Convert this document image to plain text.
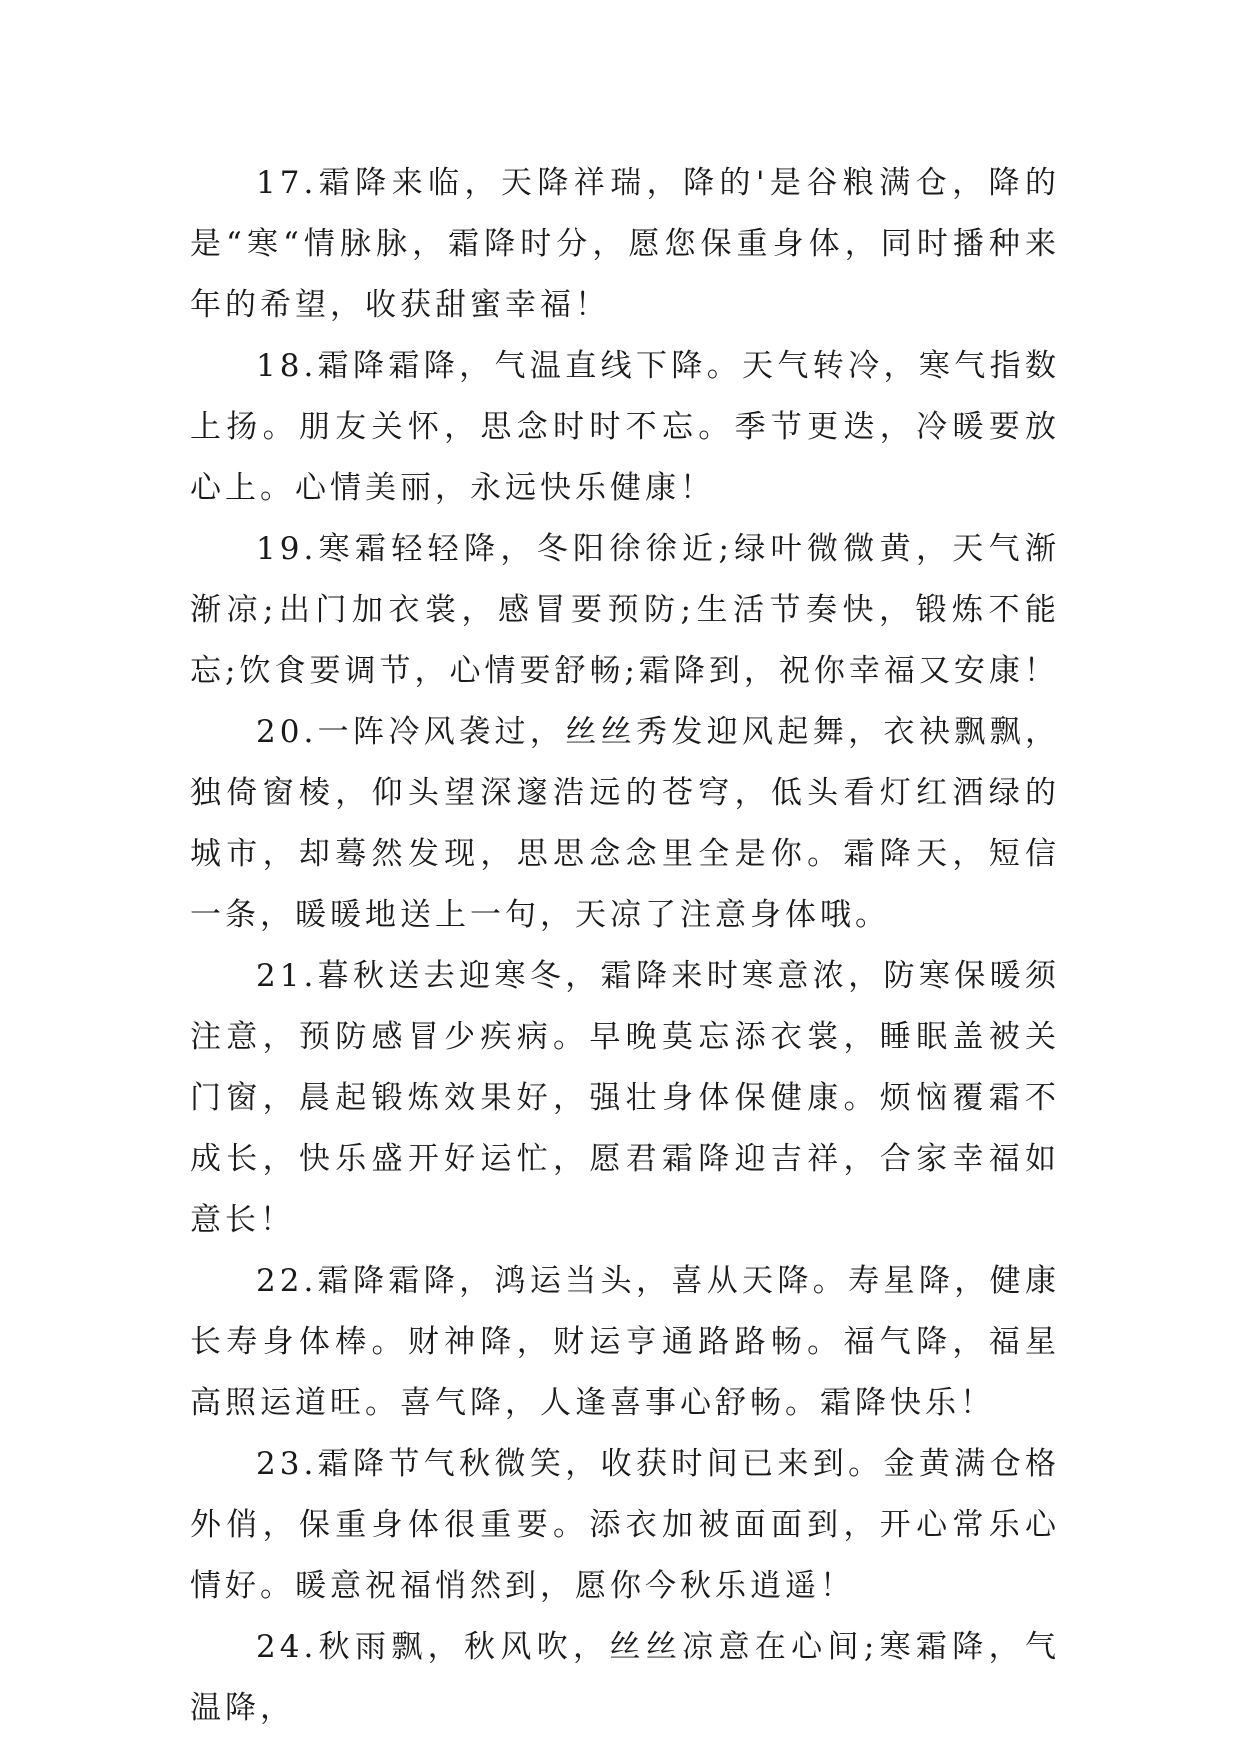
17.霜降来临，天降祥瑞，降的'是谷粮满仓，降的是“寒“情脉脉，霜降时分，愿您保重身体，同时播种来年的希望，收获甜蜜幸福！

18.霜降霜降，气温直线下降。天气转冷，寒气指数上扬。朋友关怀，思念时时不忘。季节更迭，冷暖要放心上。心情美丽，永远快乐健康！

19.寒霜轻轻降，冬阳徐徐近;绿叶微微黄，天气渐渐凉;出门加衣裳，感冒要预防;生活节奏快，锻炼不能忘;饮食要调节，心情要舒畅;霜降到，祝你幸福又安康！

20.一阵冷风袭过，丝丝秀发迎风起舞，衣袂飘飘，独倚窗棱，仰头望深邃浩远的苍穹，低头看灯红酒绿的城市，却蓦然发现，思思念念里全是你。霜降天，短信一条，暖暖地送上一句，天凉了注意身体哦。

21.暮秋送去迎寒冬，霜降来时寒意浓，防寒保暖须注意，预防感冒少疾病。早晚莫忘添衣裳，睡眠盖被关门窗，晨起锻炼效果好，强壮身体保健康。烦恼覆霜不成长，快乐盛开好运忙，愿君霜降迎吉祥，合家幸福如意长！

22.霜降霜降，鸿运当头，喜从天降。寿星降，健康长寿身体棒。财神降，财运亨通路路畅。福气降，福星高照运道旺。喜气降，人逢喜事心舒畅。霜降快乐！

23.霜降节气秋微笑，收获时间已来到。金黄满仓格外俏，保重身体很重要。添衣加被面面到，开心常乐心情好。暖意祝福悄然到，愿你今秋乐逍遥！

24.秋雨飘，秋风吹，丝丝凉意在心间;寒霜降，气温降，
